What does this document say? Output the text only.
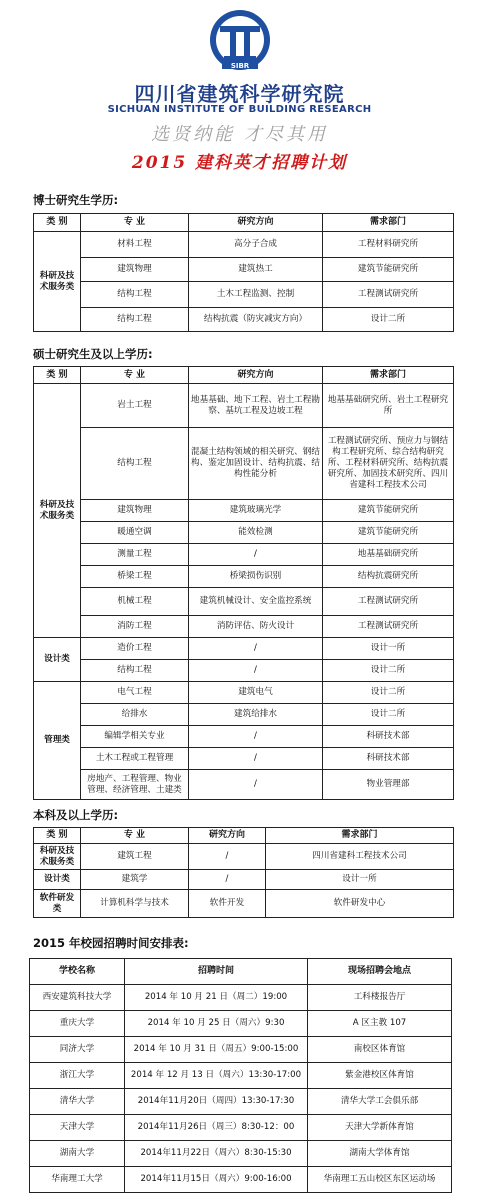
SIBR
四川省建筑科学研究院
SICHUAN INSTITUTE OF BUILDING RESEARCH
选贤纳能 才尽其用
2015 建科英才招聘计划
博士研究生学历:
类 别	专 业	研究方向	需求部门
科研及技术服务类	材料工程	高分子合成	工程材料研究所
	建筑物理	建筑热工	建筑节能研究所
	结构工程	土木工程监测、控制	工程测试研究所
	结构工程	结构抗震（防灾减灾方向）	设计二所
硕士研究生及以上学历:
类 别	专 业	研究方向	需求部门
科研及技术服务类	岩土工程	地基基础、地下工程、岩土工程勘察、基坑工程及边坡工程	地基基础研究所、岩土工程研究所
	结构工程	混凝土结构领域的相关研究、钢结构、鉴定加固设计、结构抗震、结构性能分析	工程测试研究所、预应力与钢结构工程研究所、综合结构研究所、工程材料研究所、结构抗震研究所、加固技术研究所、四川省建科工程技术公司
	建筑物理	建筑玻璃光学	建筑节能研究所
	暖通空调	能效检测	建筑节能研究所
	测量工程	/	地基基础研究所
	桥梁工程	桥梁损伤识别	结构抗震研究所
	机械工程	建筑机械设计、安全监控系统	工程测试研究所
	消防工程	消防评估、防火设计	工程测试研究所
设计类	造价工程	/	设计一所
	结构工程	/	设计二所
管理类	电气工程	建筑电气	设计二所
	给排水	建筑给排水	设计二所
	编辑学相关专业	/	科研技术部
	土木工程或工程管理	/	科研技术部
	房地产、工程管理、物业管理、经济管理、土建类	/	物业管理部
本科及以上学历:
类 别	专 业	研究方向	需求部门
科研及技术服务类	建筑工程	/	四川省建科工程技术公司
设计类	建筑学	/	设计一所
软件研发类	计算机科学与技术	软件开发	软件研发中心
2015 年校园招聘时间安排表:
学校名称	招聘时间	现场招聘会地点
西安建筑科技大学	2014 年 10 月 21 日（周二）19:00	工科楼报告厅
重庆大学	2014 年 10 月 25 日（周六）9:30	A 区主教 107
同济大学	2014 年 10 月 31 日（周五）9:00-15:00	南校区体育馆
浙江大学	2014 年 12 月 13 日（周六）13:30-17:00	紫金港校区体育馆
清华大学	2014年11月20日（周四）13:30-17:30	清华大学工会俱乐部
天津大学	2014年11月26日（周三）8:30-12：00	天津大学新体育馆
湖南大学	2014年11月22日（周六）8:30-15:30	湖南大学体育馆
华南理工大学	2014年11月15日（周六）9:00-16:00	华南理工五山校区东区运动场
